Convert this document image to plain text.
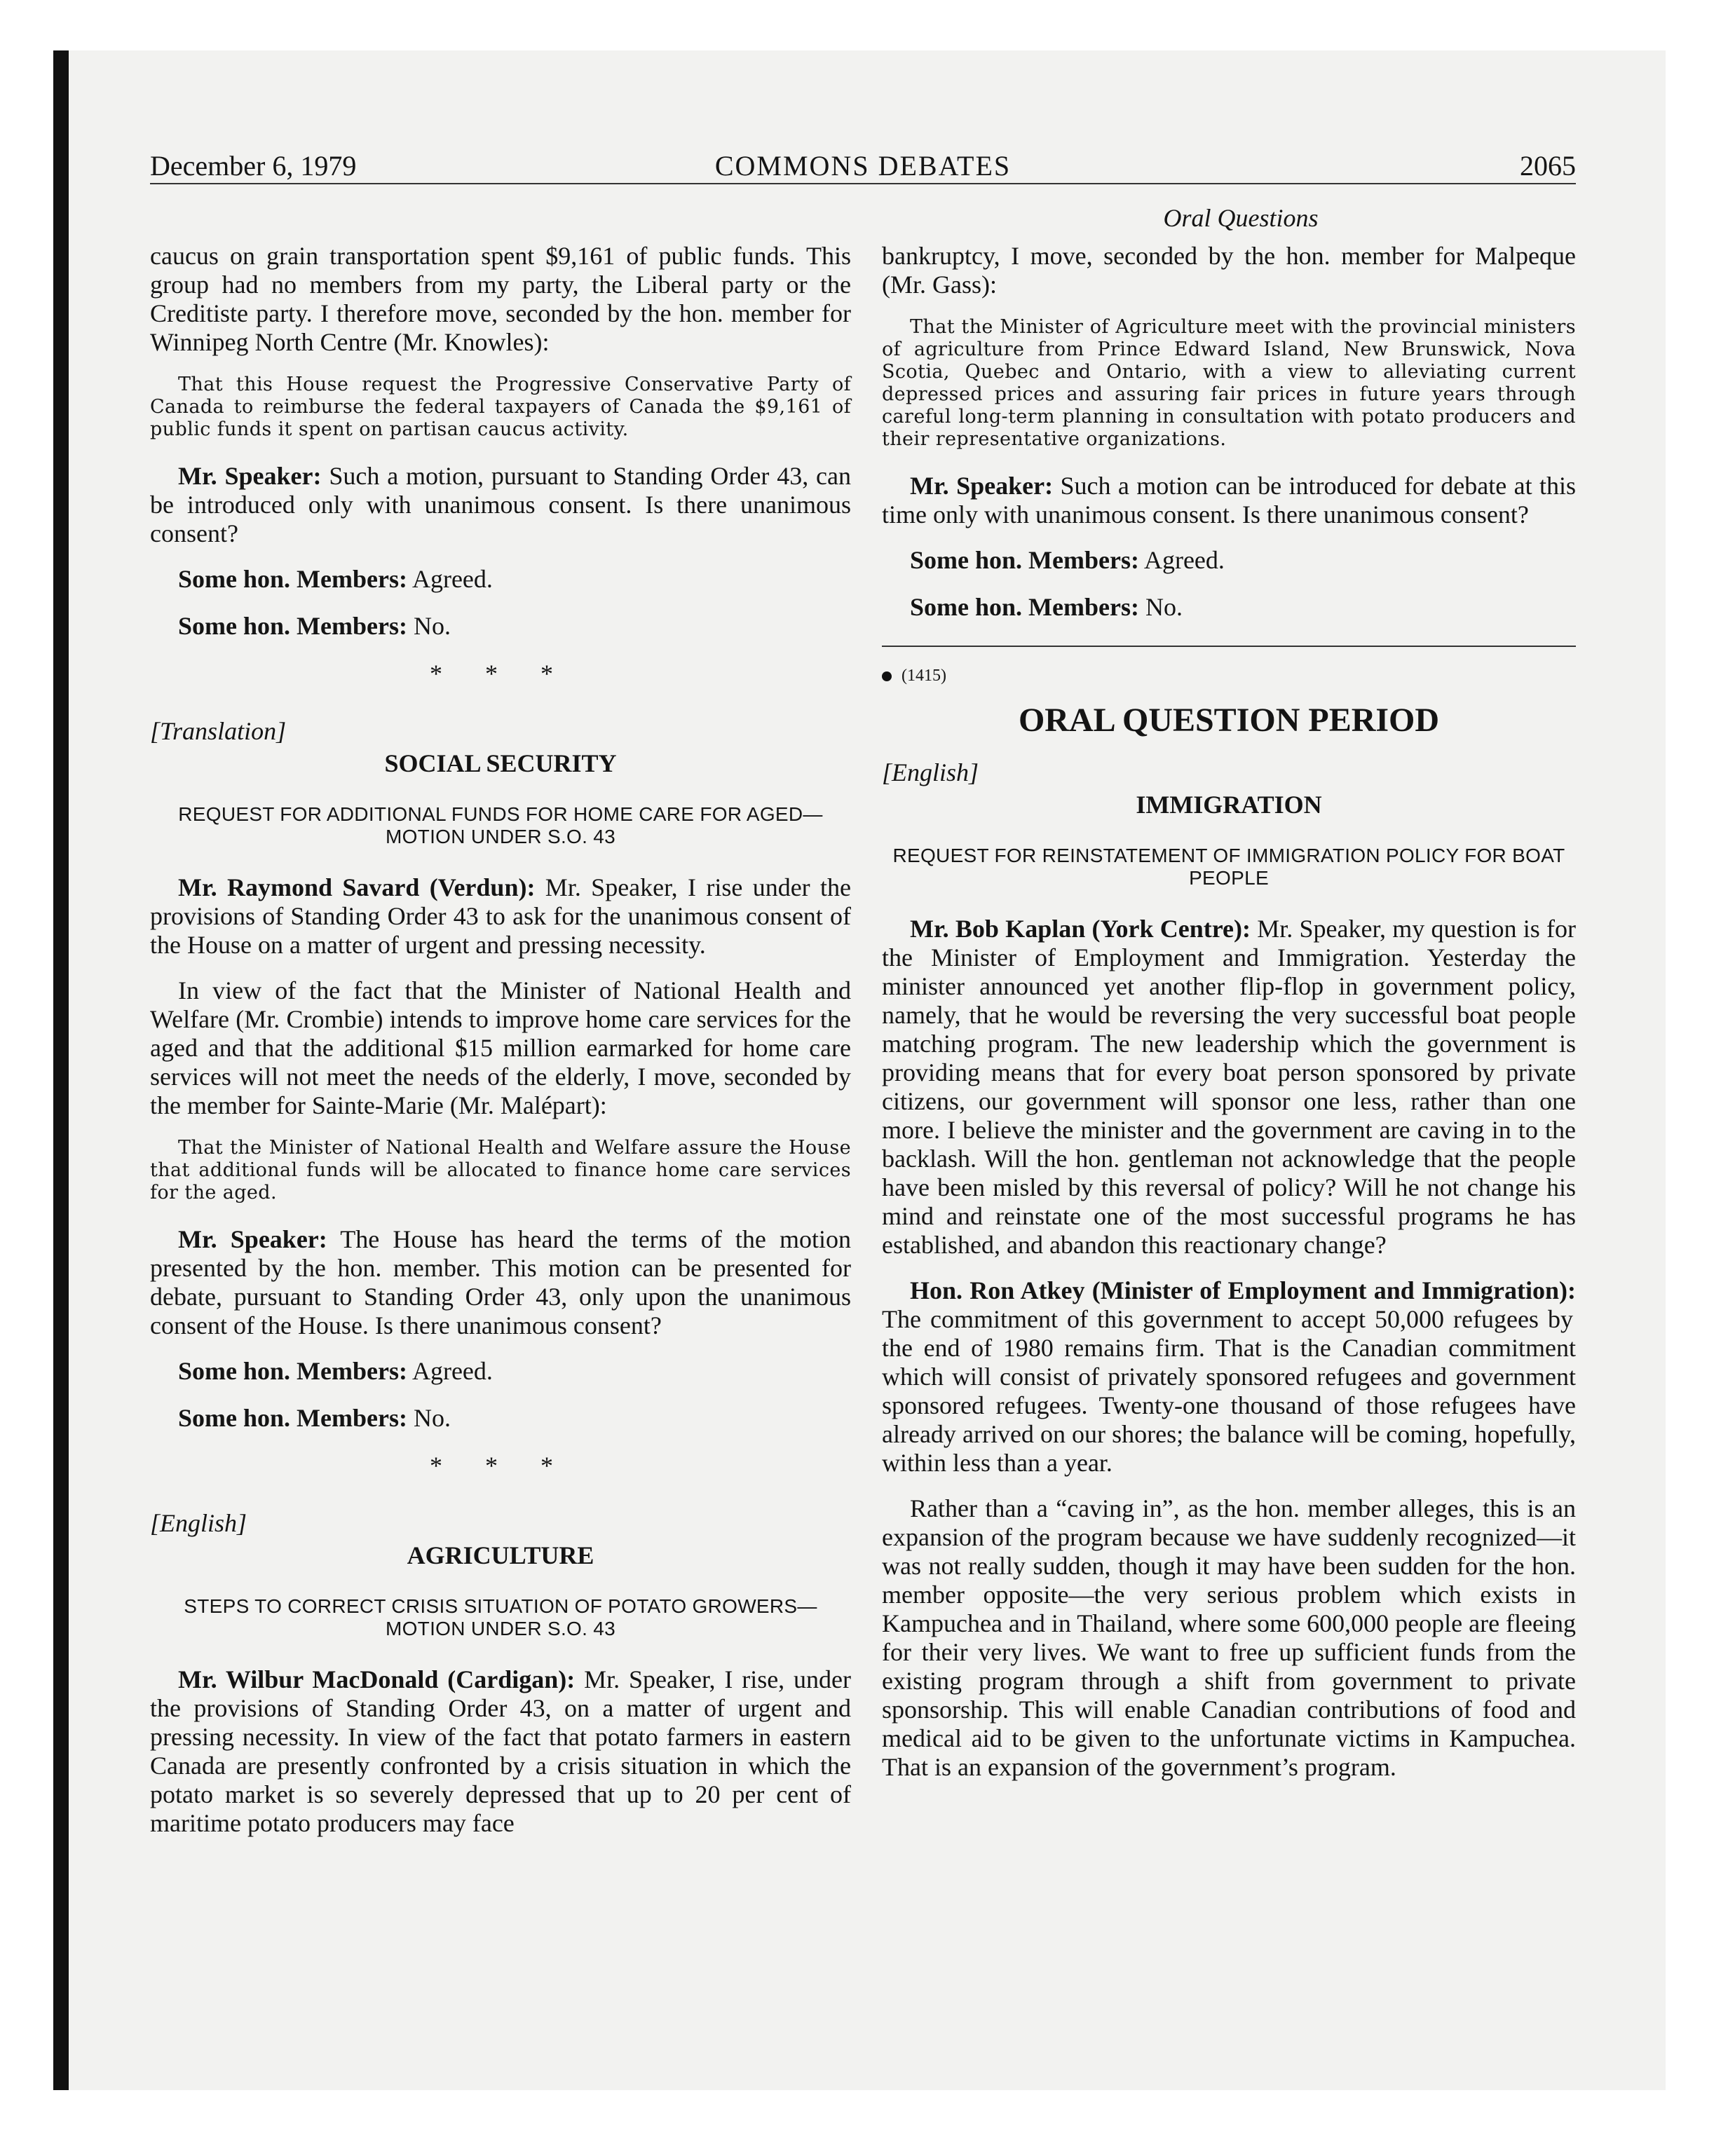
December 6, 1979	COMMONS DEBATES	2065
Oral Questions

caucus on grain transportation spent $9,161 of public funds. This group had no members from my party, the Liberal party or the Creditiste party. I therefore move, seconded by the hon. member for Winnipeg North Centre (Mr. Knowles):

That this House request the Progressive Conservative Party of Canada to reimburse the federal taxpayers of Canada the $9,161 of public funds it spent on partisan caucus activity.

Mr. Speaker: Such a motion, pursuant to Standing Order 43, can be introduced only with unanimous consent. Is there unanimous consent?

Some hon. Members: Agreed.

Some hon. Members: No.

* * *

[Translation]

SOCIAL SECURITY

REQUEST FOR ADDITIONAL FUNDS FOR HOME CARE FOR AGED—MOTION UNDER S.O. 43

Mr. Raymond Savard (Verdun): Mr. Speaker, I rise under the provisions of Standing Order 43 to ask for the unanimous consent of the House on a matter of urgent and pressing necessity.

In view of the fact that the Minister of National Health and Welfare (Mr. Crombie) intends to improve home care services for the aged and that the additional $15 million earmarked for home care services will not meet the needs of the elderly, I move, seconded by the member for Sainte-Marie (Mr. Malépart):

That the Minister of National Health and Welfare assure the House that additional funds will be allocated to finance home care services for the aged.

Mr. Speaker: The House has heard the terms of the motion presented by the hon. member. This motion can be presented for debate, pursuant to Standing Order 43, only upon the unanimous consent of the House. Is there unanimous consent?

Some hon. Members: Agreed.

Some hon. Members: No.

* * *

[English]

AGRICULTURE

STEPS TO CORRECT CRISIS SITUATION OF POTATO GROWERS—MOTION UNDER S.O. 43

Mr. Wilbur MacDonald (Cardigan): Mr. Speaker, I rise, under the provisions of Standing Order 43, on a matter of urgent and pressing necessity. In view of the fact that potato farmers in eastern Canada are presently confronted by a crisis situation in which the potato market is so severely depressed that up to 20 per cent of maritime potato producers may face

bankruptcy, I move, seconded by the hon. member for Malpeque (Mr. Gass):

That the Minister of Agriculture meet with the provincial ministers of agriculture from Prince Edward Island, New Brunswick, Nova Scotia, Quebec and Ontario, with a view to alleviating current depressed prices and assuring fair prices in future years through careful long-term planning in consultation with potato producers and their representative organizations.

Mr. Speaker: Such a motion can be introduced for debate at this time only with unanimous consent. Is there unanimous consent?

Some hon. Members: Agreed.

Some hon. Members: No.

(1415)

ORAL QUESTION PERIOD

[English]

IMMIGRATION

REQUEST FOR REINSTATEMENT OF IMMIGRATION POLICY FOR BOAT PEOPLE

Mr. Bob Kaplan (York Centre): Mr. Speaker, my question is for the Minister of Employment and Immigration. Yesterday the minister announced yet another flip-flop in government policy, namely, that he would be reversing the very successful boat people matching program. The new leadership which the government is providing means that for every boat person sponsored by private citizens, our government will sponsor one less, rather than one more. I believe the minister and the government are caving in to the backlash. Will the hon. gentleman not acknowledge that the people have been misled by this reversal of policy? Will he not change his mind and reinstate one of the most successful programs he has established, and abandon this reactionary change?

Hon. Ron Atkey (Minister of Employment and Immigration): The commitment of this government to accept 50,000 refugees by the end of 1980 remains firm. That is the Canadian commitment which will consist of privately sponsored refugees and government sponsored refugees. Twenty-one thousand of those refugees have already arrived on our shores; the balance will be coming, hopefully, within less than a year.

Rather than a “caving in”, as the hon. member alleges, this is an expansion of the program because we have suddenly recognized—it was not really sudden, though it may have been sudden for the hon. member opposite—the very serious problem which exists in Kampuchea and in Thailand, where some 600,000 people are fleeing for their very lives. We want to free up sufficient funds from the existing program through a shift from government to private sponsorship. This will enable Canadian contributions of food and medical aid to be given to the unfortunate victims in Kampuchea. That is an expansion of the government’s program.
